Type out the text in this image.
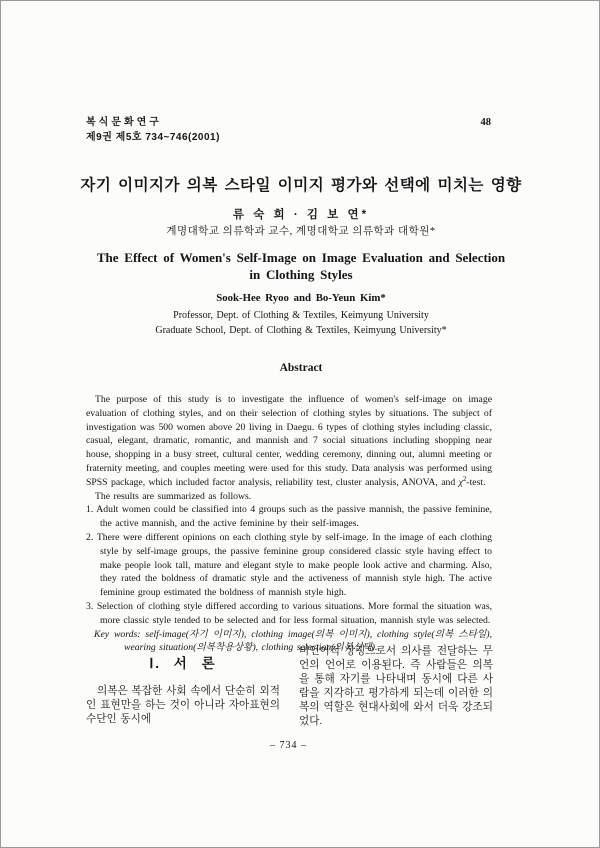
복식문화연구
제9권 제5호 734~746(2001)
48
자기 이미지가 의복 스타일 이미지 평가와 선택에 미치는 영향
류 숙 희 · 김 보 연*
계명대학교 의류학과 교수, 계명대학교 의류학과 대학원*
The Effect of Women's Self-Image on Image Evaluation and Selection
in Clothing Styles
Sook-Hee Ryoo and Bo-Yeun Kim*
Professor, Dept. of Clothing & Textiles, Keimyung University
Graduate School, Dept. of Clothing & Textiles, Keimyung University*
Abstract

The purpose of this study is to investigate the influence of women's self-image on image evaluation of clothing styles, and on their selection of clothing styles by situations. The subject of investigation was 500 women above 20 living in Daegu. 6 types of clothing styles including classic, casual, elegant, dramatic, romantic, and mannish and 7 social situations including shopping near house, shopping in a busy street, cultural center, wedding ceremony, dinning out, alumni meeting or fraternity meeting, and couples meeting were used for this study. Data analysis was performed using SPSS package, which included factor analysis, reliability test, cluster analysis, ANOVA, and $\chi^2$-test.

The results are summarized as follows.

1. Adult women could be classified into 4 groups such as the passive mannish, the passive feminine, the active mannish, and the active feminine by their self-images.

2. There were different opinions on each clothing style by self-image. In the image of each clothing style by self-image groups, the passive feminine group considered classic style having effect to make people look tall, mature and elegant style to make people look active and charming. Also, they rated the boldness of dramatic style and the activeness of mannish style high. The active feminine group estimated the boldness of mannish style high.

3. Selection of clothing style differed according to various situations. More formal the situation was, more classic style tended to be selected and for less formal situation, mannish style was selected.

Key words: self-image(자기 이미지), clothing image(의복 이미지), clothing style(의복 스타일), wearing situation(의복착용상황), clothing selection(의복선택).

Ⅰ. 서 론

의복은 복잡한 사회 속에서 단순히 외적인 표현만을 하는 것이 아니라 자아표현의 수단인 동시에

비언어적 상징으로서 의사를 전달하는 무언의 언어로 이용된다. 즉 사람들은 의복을 통해 자기를 나타내며 동시에 다른 사람을 지각하고 평가하게 되는데 이러한 의복의 역할은 현대사회에 와서 더욱 강조되었다.

– 734 –
